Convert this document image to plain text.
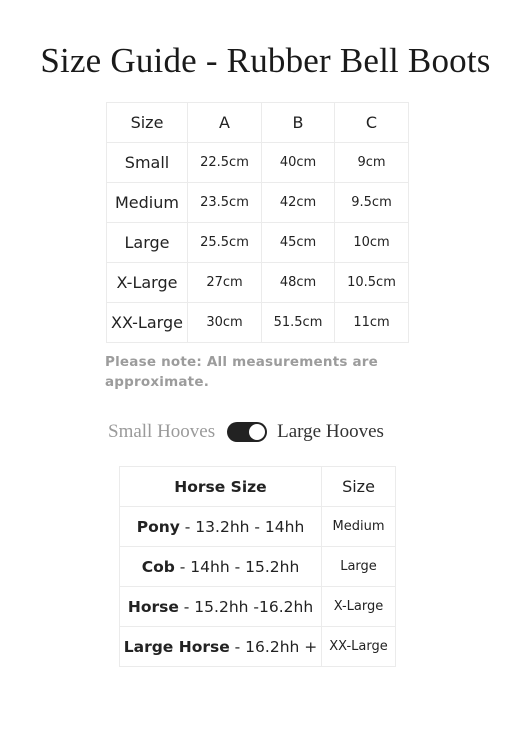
Size Guide - Rubber Bell Boots
Size	A	B	C
Small	22.5cm	40cm	9cm
Medium	23.5cm	42cm	9.5cm
Large	25.5cm	45cm	10cm
X-Large	27cm	48cm	10.5cm
XX-Large	30cm	51.5cm	11cm
Please note: All measurements are approximate.
Small Hooves	Large Hooves
Horse Size	Size
Pony - 13.2hh - 14hh	Medium
Cob - 14hh - 15.2hh	Large
Horse - 15.2hh -16.2hh	X-Large
Large Horse - 16.2hh +	XX-Large
